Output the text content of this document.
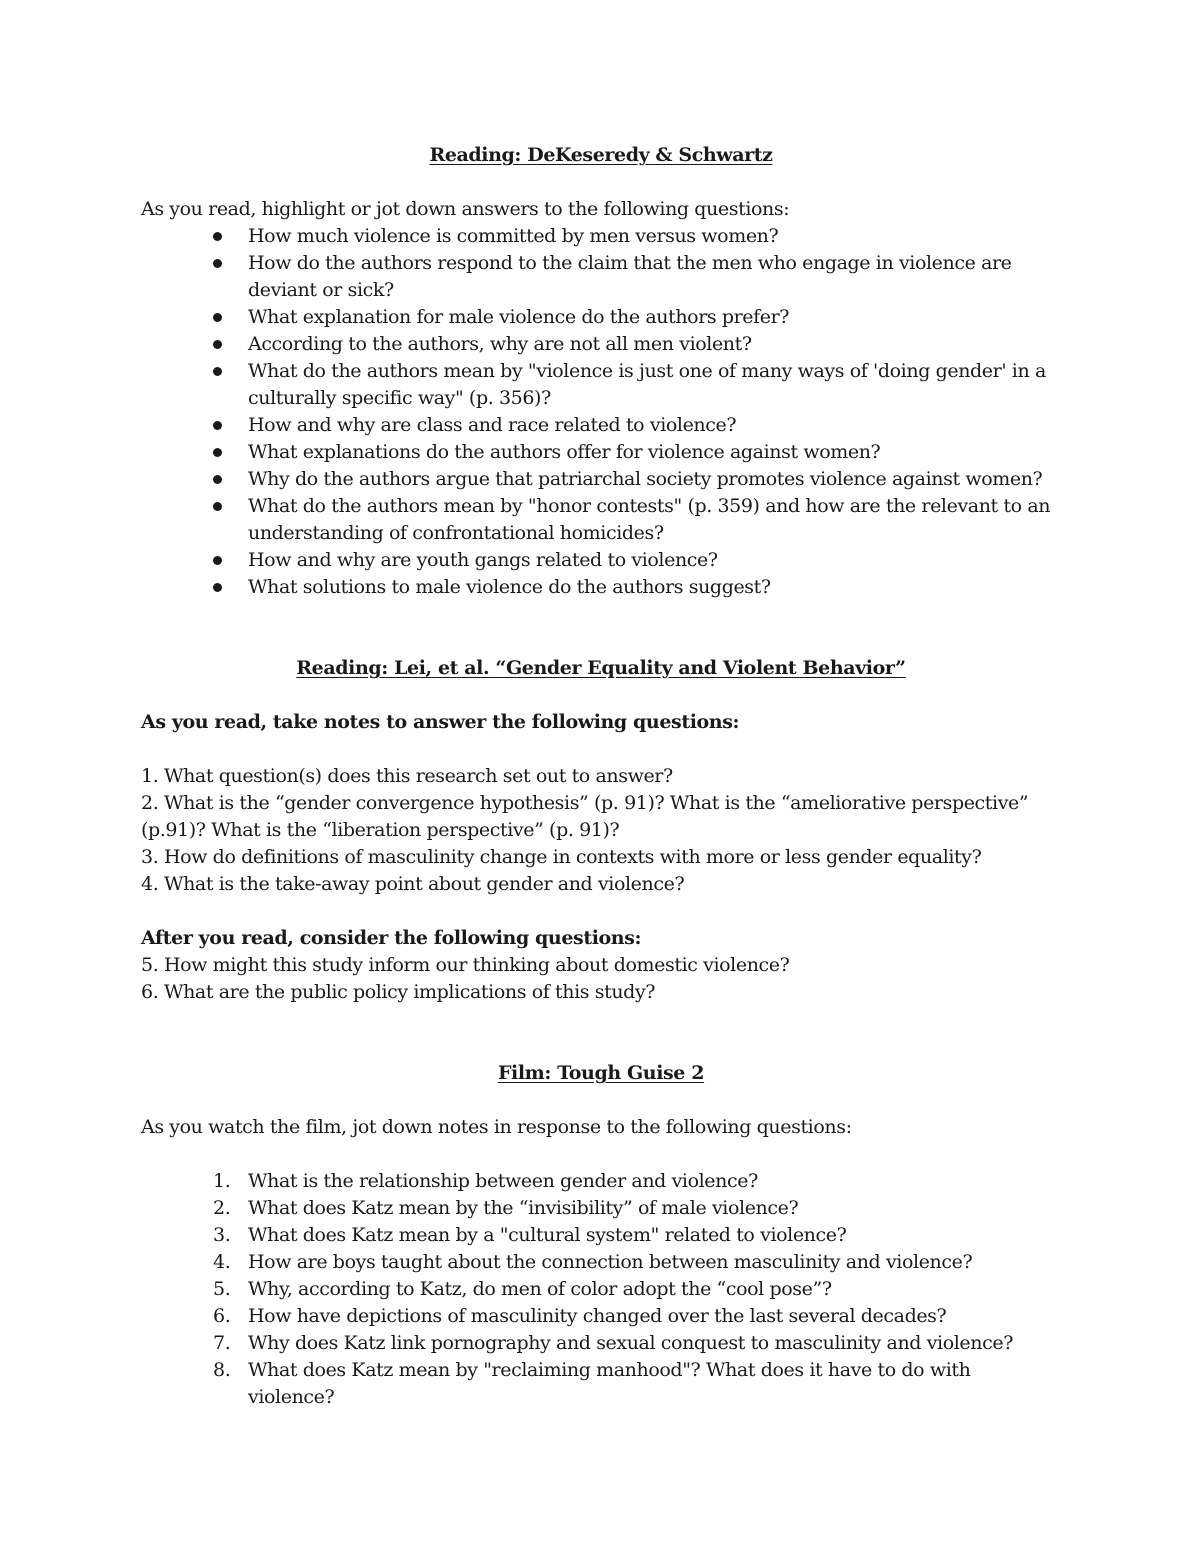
Reading: DeKeseredy & Schwartz

As you read, highlight or jot down answers to the following questions:

How much violence is committed by men versus women?
How do the authors respond to the claim that the men who engage in violence are deviant or sick?
What explanation for male violence do the authors prefer?
According to the authors, why are not all men violent?
What do the authors mean by "violence is just one of many ways of 'doing gender' in a culturally specific way" (p. 356)?
How and why are class and race related to violence?
What explanations do the authors offer for violence against women?
Why do the authors argue that patriarchal society promotes violence against women?
What do the authors mean by "honor contests" (p. 359) and how are the relevant to an understanding of confrontational homicides?
How and why are youth gangs related to violence?
What solutions to male violence do the authors suggest?

Reading: Lei, et al. “Gender Equality and Violent Behavior”

As you read, take notes to answer the following questions:

1. What question(s) does this research set out to answer?

2. What is the “gender convergence hypothesis” (p. 91)? What is the “ameliorative perspective”

(p.91)? What is the “liberation perspective” (p. 91)?

3. How do definitions of masculinity change in contexts with more or less gender equality?

4. What is the take-away point about gender and violence?

After you read, consider the following questions:

5. How might this study inform our thinking about domestic violence?

6. What are the public policy implications of this study?

Film: Tough Guise 2

As you watch the film, jot down notes in response to the following questions:

1. What is the relationship between gender and violence?
2. What does Katz mean by the “invisibility” of male violence?
3. What does Katz mean by a "cultural system" related to violence?
4. How are boys taught about the connection between masculinity and violence?
5. Why, according to Katz, do men of color adopt the “cool pose”?
6. How have depictions of masculinity changed over the last several decades?
7. Why does Katz link pornography and sexual conquest to masculinity and violence?
8. What does Katz mean by "reclaiming manhood"? What does it have to do with violence?
